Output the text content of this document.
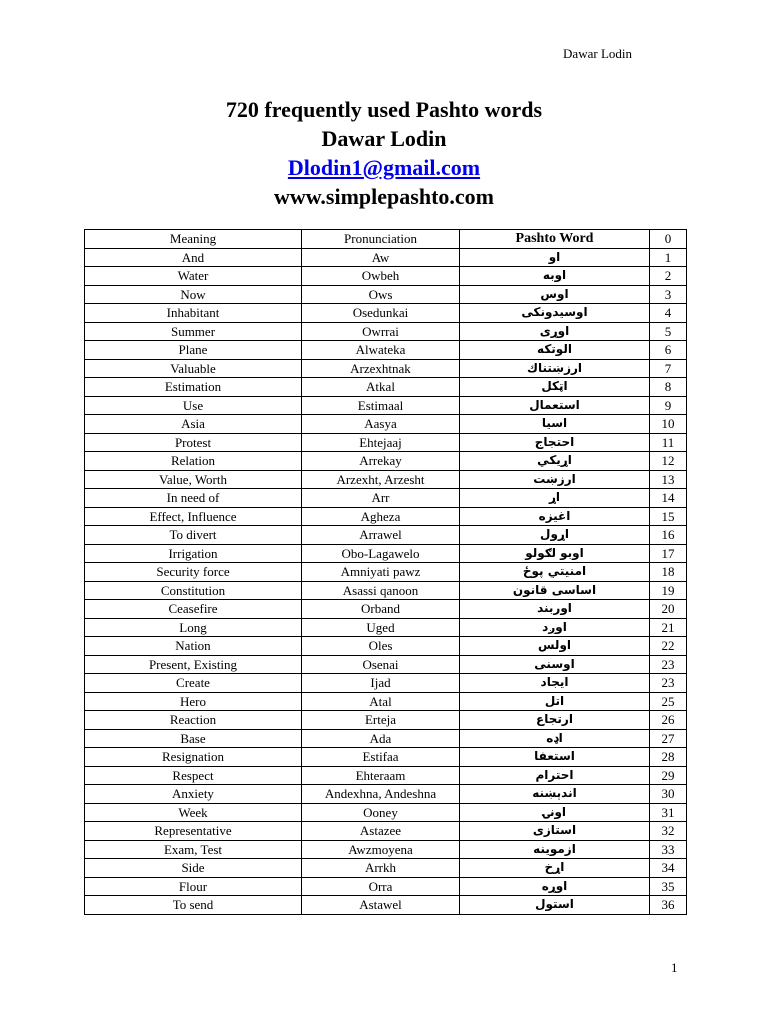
Dawar Lodin
720 frequently used Pashto words
Dawar Lodin
Dlodin1@gmail.com
www.simplepashto.com
Meaning	Pronunciation	Pashto Word	0
And	Aw	او	1
Water	Owbeh	اوبه	2
Now	Ows	اوس	3
Inhabitant	Osedunkai	اوسیدونکی	4
Summer	Owrrai	اوړی	5
Plane	Alwateka	الوتکه	6
Valuable	Arzexhtnak	ارزښتناك	7
Estimation	Atkal	اټکل	8
Use	Estimaal	استعمال	9
Asia	Aasya	اسیا	10
Protest	Ehtejaaj	احتجاج	11
Relation	Arrekay	اړیکي	12
Value, Worth	Arzexht, Arzesht	ارزښت	13
In need of	Arr	اړ	14
Effect, Influence	Agheza	اغیزه	15
To divert	Arrawel	اړول	16
Irrigation	Obo-Lagawelo	اوبو لګولو	17
Security force	Amniyati pawz	امنیتي پوځ	18
Constitution	Asassi qanoon	اساسی قانون	19
Ceasefire	Orband	اوربند	20
Long	Uged	اوږد	21
Nation	Oles	اولس	22
Present, Existing	Osenai	اوسنی	23
Create	Ijad	ایجاد	23
Hero	Atal	اتل	25
Reaction	Erteja	ارتجاع	26
Base	Ada	اډه	27
Resignation	Estifaa	استعفا	28
Respect	Ehteraam	احترام	29
Anxiety	Andexhna, Andeshna	اندېښنه	30
Week	Ooney	اونۍ	31
Representative	Astazee	استازی	32
Exam, Test	Awzmoyena	ازموینه	33
Side	Arrkh	اړخ	34
Flour	Orra	اوړه	35
To send	Astawel	استول	36
1
